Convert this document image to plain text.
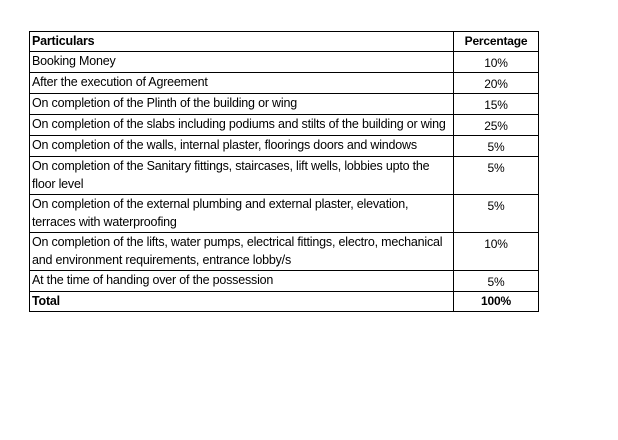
Particulars	Percentage
Booking Money	10%
After the execution of Agreement	20%
On completion of the Plinth of the building or wing	15%
On completion of the slabs including podiums and stilts of the building or wing	25%
On completion of the walls, internal plaster, floorings doors and windows	5%
On completion of the Sanitary fittings, staircases, lift wells, lobbies upto the floor level	5%
On completion of the external plumbing and external plaster, elevation, terraces with waterproofing	5%
On completion of the lifts, water pumps, electrical fittings, electro, mechanical and environment requirements, entrance lobby/s	10%
At the time of handing over of the possession	5%
Total	100%
